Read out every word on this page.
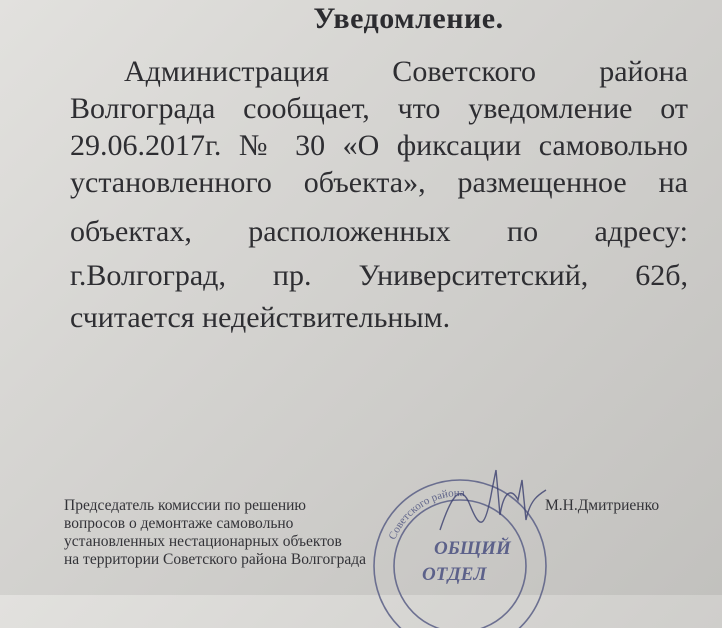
Уведомление.
Администрация Советского района
Волгограда сообщает, что уведомление от
29.06.2017г. № 30 «О фиксации самовольно
установленного объекта», размещенное на
объектах, расположенных по адресу:
г.Волгоград, пр. Университетский, 62б,
считается недействительным.
Советского района
ОБЩИЙ
ОТДЕЛ
Председатель комиссии по решению
вопросов о демонтаже самовольно
установленных нестационарных объектов
на территории Советского района Волгограда
М.Н.Дмитриенко
